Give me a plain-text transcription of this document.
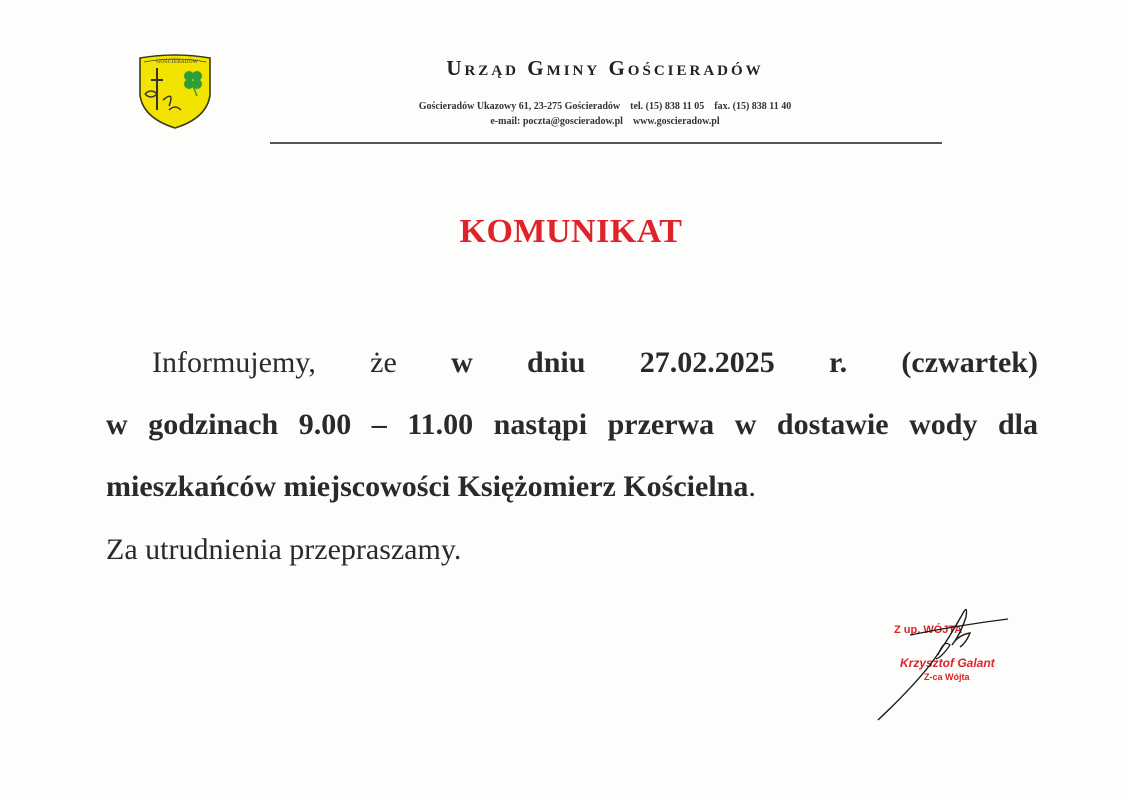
GOŚCIERADÓW	Urząd Gminy Gościeradów
Gościeradów Ukazowy 61, 23-275 Gościeradów    tel. (15) 838 11 05    fax. (15) 838 11 40
e-mail: poczta@goscieradow.pl    www.goscieradow.pl
KOMUNIKAT
Informujemy, że w dniu 27.02.2025 r. (czwartek)
w godzinach 9.00 – 11.00 nastąpi przerwa w dostawie wody dla mieszkańców miejscowości Księżomierz Kościelna.
Za utrudnienia przepraszamy.
Z up. WÓJTA
Krzysztof Galant
Z-ca Wójta
